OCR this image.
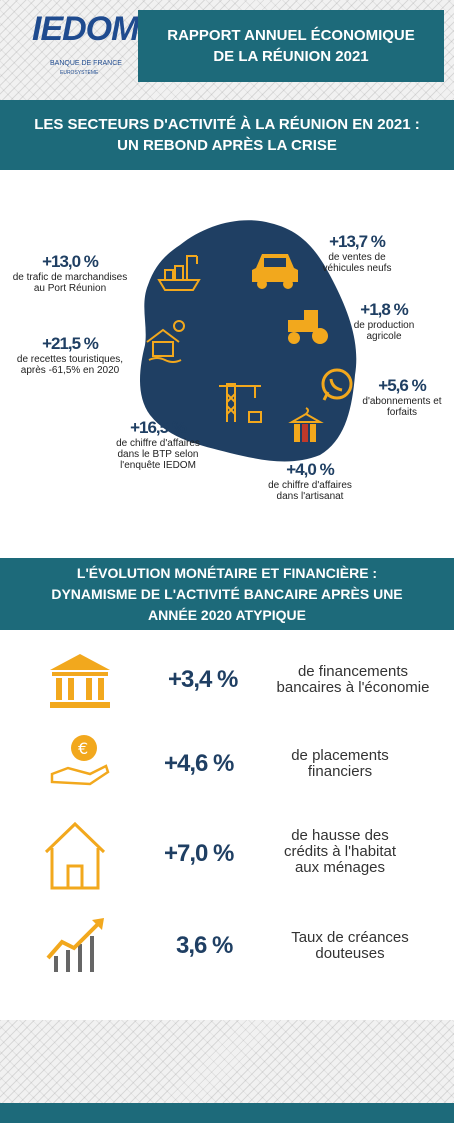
IEDOM
BANQUE DE FRANCE
EUROSYSTÈME
RAPPORT ANNUEL ÉCONOMIQUE
DE LA RÉUNION 2021
LES SECTEURS D'ACTIVITÉ À LA RÉUNION EN 2021 :
UN REBOND APRÈS LA CRISE
+13,0 %
de trafic de marchandises
au Port Réunion
+13,7 %
de ventes de
véhicules neufs
+1,8 %
de production
agricole
+21,5 %
de recettes touristiques,
après -61,5% en 2020
+5,6 %
d'abonnements et
forfaits
+16,5 %
de chiffre d'affaires
dans le BTP selon
l'enquête IEDOM	+4,0 %
de chiffre d'affaires
dans l'artisanat
L'ÉVOLUTION MONÉTAIRE ET FINANCIÈRE :
DYNAMISME DE L'ACTIVITÉ BANCAIRE APRÈS UNE
ANNÉE 2020 ATYPIQUE
+3,4 %	de financements
bancaires à l'économie
€
+4,6 %	de placements
financiers
+7,0 %
de hausse des
crédits à l'habitat
aux ménages
3,6 %	Taux de créances
douteuses
